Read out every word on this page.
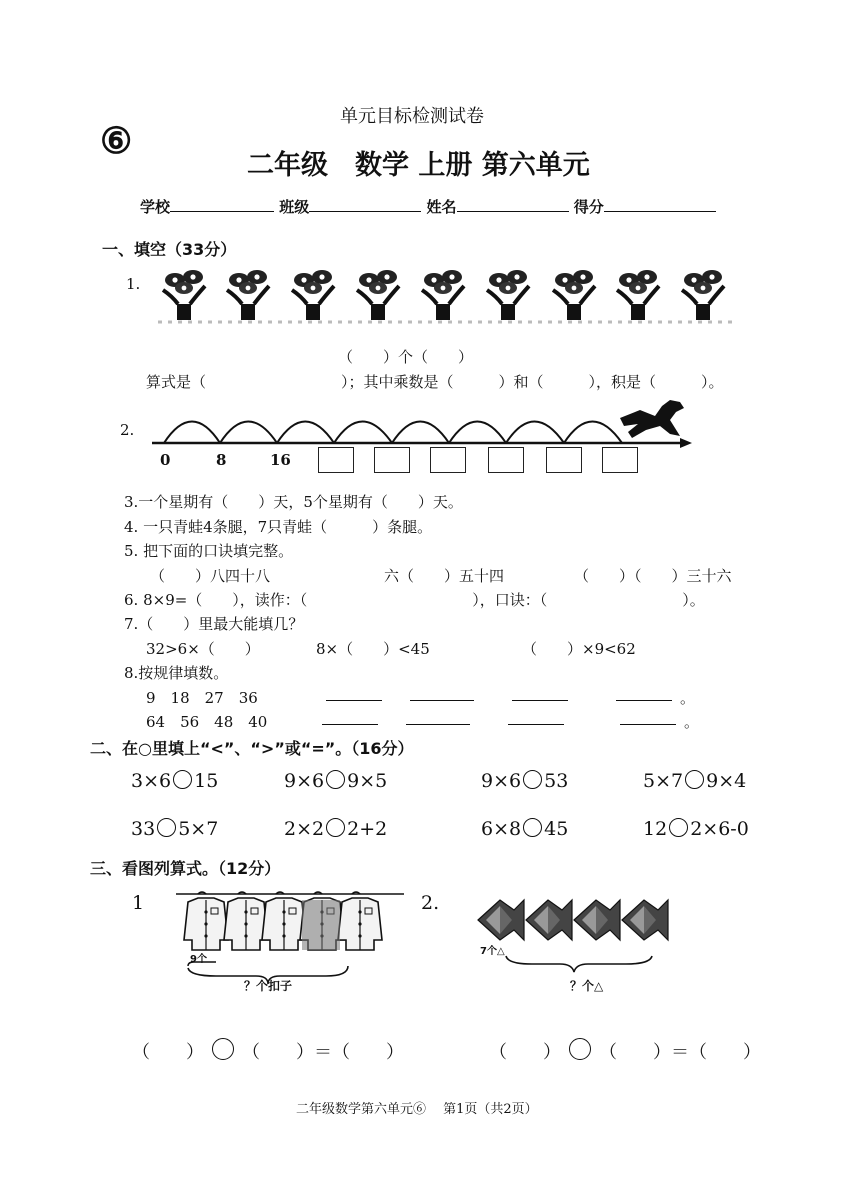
单元目标检测试卷
⑥
二年级　数学 上册 第六单元
学校	班级	姓名	得分
一、填空（33分）
1.
（　　）个（　　）
算式是（　　　　　　　　　）；其中乘数是（　　　）和（　　　），积是（　　　）。
2.
0	8	16
3.一个星期有（　　）天，5个星期有（　　）天。
4. 一只青蛙4条腿，7只青蛙（　　　）条腿。
5. 把下面的口诀填完整。
（　　）八四十八	六（　　）五十四	（　　）（　　）三十六
6. 8×9=（　　），读作：（　　　　　　　　　　　），口诀：（　　　　　　　　　）。
7.（　　）里最大能填几？
32>6×（　　）	8×（　　）<45	（　　）×9<62
8.按规律填数。
9　18　27　36	。
64　56　48　40	。
二、在○里填上“<”、“>”或“=”。（16分）
3×6 15	9×6 9×5	9×6 53	5×7 9×4
33 5×7	2×2 2+2	6×8 45	12 2×6-0
三、看图列算式。（12分）
1
9个
？个扣子
2.
7个△
？个△
（　　） （　　）＝（　　）	（　　） （　　）＝（　　）
二年级数学第六单元⑥　 第1页（共2页）
